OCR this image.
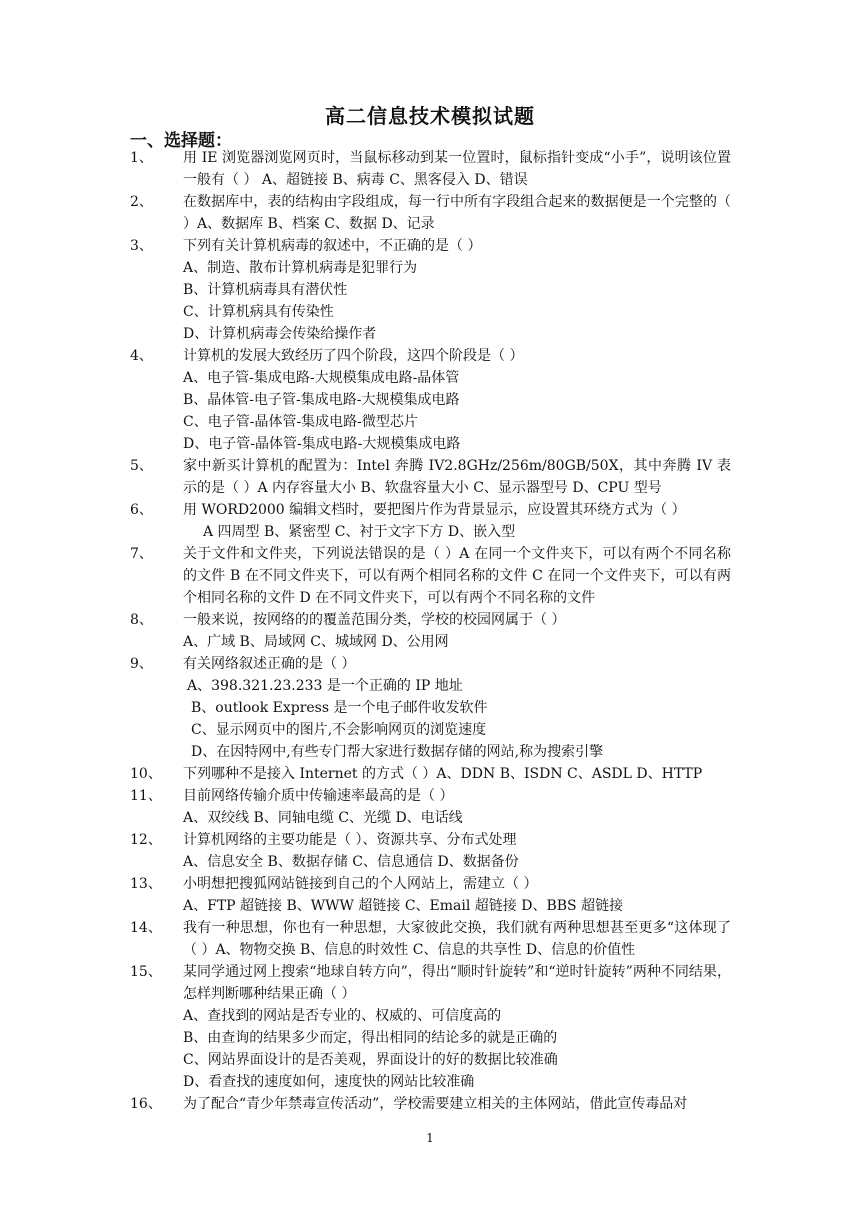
高二信息技术模拟试题
一、选择题：
1、	用 IE 浏览器浏览网页时，当鼠标移动到某一位置时，鼠标指针变成“小手”，说明该位置一般有（ ） A、超链接 B、病毒 C、黑客侵入 D、错误
2、	在数据库中，表的结构由字段组成，每一行中所有字段组合起来的数据便是一个完整的（ ）A、数据库 B、档案 C、数据 D、记录
3、	下列有关计算机病毒的叙述中，不正确的是（ ）
A、制造、散布计算机病毒是犯罪行为
B、计算机病毒具有潜伏性
C、计算机病具有传染性
D、计算机病毒会传染给操作者
4、	计算机的发展大致经历了四个阶段，这四个阶段是（ ）
A、电子管-集成电路-大规模集成电路-晶体管
B、晶体管-电子管-集成电路-大规模集成电路
C、电子管-晶体管-集成电路-微型芯片
D、电子管-晶体管-集成电路-大规模集成电路
5、	家中新买计算机的配置为：Intel 奔腾 IV2.8GHz/256m/80GB/50X，其中奔腾 IV 表示的是（ ）A 内存容量大小 B、软盘容量大小 C、显示器型号 D、CPU 型号
6、	用 WORD2000 编辑文档时，要把图片作为背景显示，应设置其环绕方式为（ ）
A 四周型 B、紧密型 C、衬于文字下方 D、嵌入型
7、	关于文件和文件夹，下列说法错误的是（ ）A 在同一个文件夹下，可以有两个不同名称的文件 B 在不同文件夹下，可以有两个相同名称的文件 C 在同一个文件夹下，可以有两个相同名称的文件 D 在不同文件夹下，可以有两个不同名称的文件
8、	一般来说，按网络的的覆盖范围分类，学校的校园网属于（ ）
A、广域 B、局域网 C、城域网 D、公用网
9、	有关网络叙述正确的是（ ）
A、398.321.23.233 是一个正确的 IP 地址
B、outlook Express 是一个电子邮件收发软件
C、显示网页中的图片,不会影响网页的浏览速度
D、在因特网中,有些专门帮大家进行数据存储的网站,称为搜索引擎
10、	下列哪种不是接入 Internet 的方式（ ）A、DDN B、ISDN C、ASDL D、HTTP
11、	目前网络传输介质中传输速率最高的是（ ）
A、双绞线 B、同轴电缆 C、光缆 D、电话线
12、	计算机网络的主要功能是（ ）、资源共享、分布式处理
A、信息安全 B、数据存储 C、信息通信 D、数据备份
13、	小明想把搜狐网站链接到自己的个人网站上，需建立（ ）
A、FTP 超链接 B、WWW 超链接 C、Email 超链接 D、BBS 超链接
14、	我有一种思想，你也有一种思想，大家彼此交换，我们就有两种思想甚至更多“这体现了（ ）A、物物交换 B、信息的时效性 C、信息的共享性 D、信息的价值性
15、	某同学通过网上搜索“地球自转方向”，得出“顺时针旋转”和“逆时针旋转”两种不同结果，怎样判断哪种结果正确（ ）
A、查找到的网站是否专业的、权威的、可信度高的
B、由查询的结果多少而定，得出相同的结论多的就是正确的
C、网站界面设计的是否美观，界面设计的好的数据比较准确
D、看查找的速度如何，速度快的网站比较准确
16、	为了配合“青少年禁毒宣传活动”，学校需要建立相关的主体网站，借此宣传毒品对
1
